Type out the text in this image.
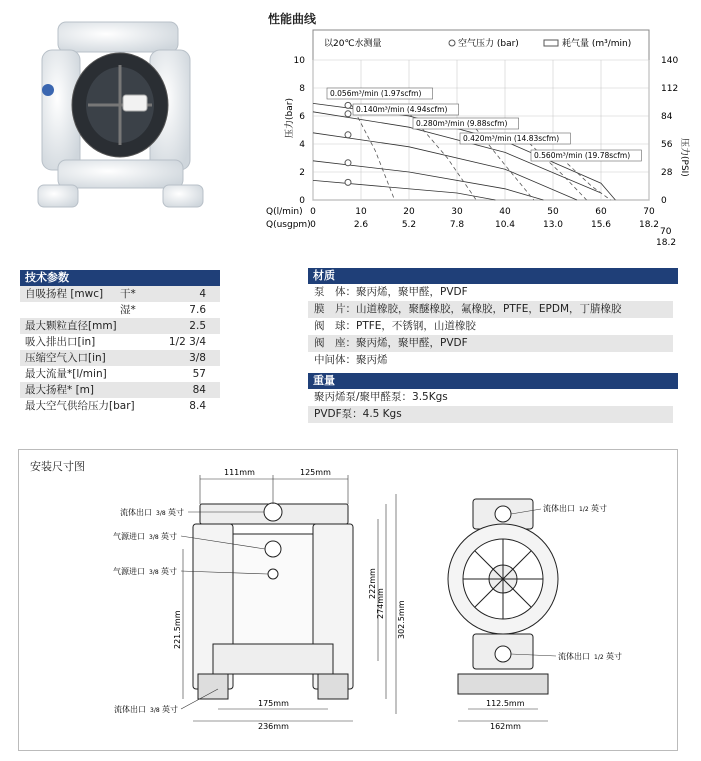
性能曲线
0.056m³/min (1.97scfm)
0.140m³/min (4.94scfm)
0.280m³/min (9.88scfm)
0.420m³/min (14.83scfm)
0.560m³/min (19.78scfm)
10
8
6
4
2
0
140
112
84
56
28
0
0	10	20	30	40	50	60	70
0	2.6	5.2	7.8	10.4	13.0	15.6	18.2
以20℃水测量	空气压力 (bar)	耗气量 (m³/min)
压力(bar)
压力(PSI)
Q(l/min)
Q(usgpm)
70
18.2
技术参数
自吸扬程 [mwc] 干*	4
湿*	7.6
最大颗粒直径[mm]	2.5
吸入排出口[in]	1/2 3/4
压缩空气入口[in]	3/8
最大流量*[l/min]	57
最大扬程* [m]	84
最大空气供给压力[bar]	8.4
材质
泵　体：聚丙烯，聚甲醛，PVDF
膜　片：山道橡胶，聚醚橡胶，氟橡胶，PTFE，EPDM，丁腈橡胶
阀　球：PTFE，不锈钢，山道橡胶
阀　座：聚丙烯，聚甲醛，PVDF
中间体：聚丙烯
重量
聚丙烯泵/聚甲醛泵：3.5Kgs
PVDF泵：4.5 Kgs
安装尺寸图	111mm	125mm
222mm
274mm 302.5mm
221.5mm
175mm
236mm
112.5mm
162mm
流体出口 3/8 英寸
气源进口 3/8 英寸
气源进口 3/8 英寸
流体出口 3/8 英寸
流体出口 1/2 英寸
流体出口 1/2 英寸
